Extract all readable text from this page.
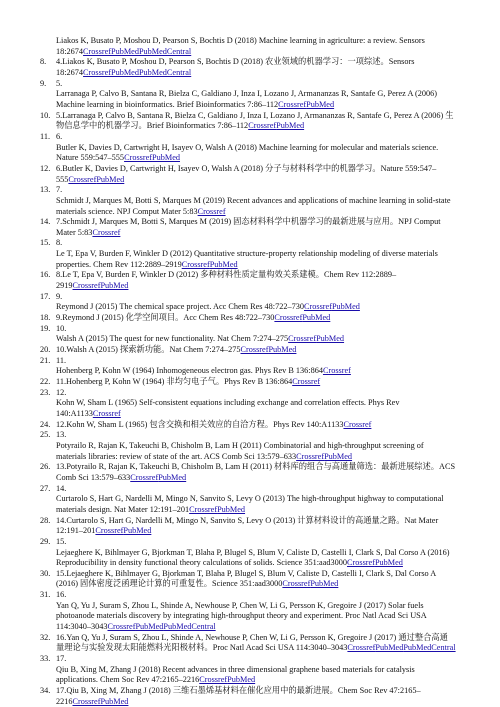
Liakos K, Busato P, Moshou D, Pearson S, Bochtis D (2018) Machine learning in agriculture: a review. Sensors
18:2674CrossrefPubMedPubMedCentral
8. 4.Liakos K, Busato P, Moshou D, Pearson S, Bochtis D (2018) 农业领域的机器学习：一项综述。Sensors
18:2674CrossrefPubMedPubMedCentral
9. 5.
Larranaga P, Calvo B, Santana R, Bielza C, Galdiano J, Inza I, Lozano J, Armananzas R, Santafe G, Perez A (2006)
Machine learning in bioinformatics. Brief Bioinformatics 7:86–112CrossrefPubMed
10. 5.Larranaga P, Calvo B, Santana R, Bielza C, Galdiano J, Inza I, Lozano J, Armananzas R, Santafe G, Perez A (2006) 生
物信息学中的机器学习。Brief Bioinformatics 7:86–112CrossrefPubMed
11. 6.
Butler K, Davies D, Cartwright H, Isayev O, Walsh A (2018) Machine learning for molecular and materials science.
Nature 559:547–555CrossrefPubMed
12. 6.Butler K, Davies D, Cartwright H, Isayev O, Walsh A (2018) 分子与材料科学中的机器学习。Nature 559:547–
555CrossrefPubMed
13. 7.
Schmidt J, Marques M, Botti S, Marques M (2019) Recent advances and applications of machine learning in solid-state
materials science. NPJ Comput Mater 5:83Crossref
14. 7.Schmidt J, Marques M, Botti S, Marques M (2019) 固态材料科学中机器学习的最新进展与应用。NPJ Comput
Mater 5:83Crossref
15. 8.
Le T, Epa V, Burden F, Winkler D (2012) Quantitative structure-property relationship modeling of diverse materials
properties. Chem Rev 112:2889–2919CrossrefPubMed
16. 8.Le T, Epa V, Burden F, Winkler D (2012) 多种材料性质定量构效关系建模。Chem Rev 112:2889–
2919CrossrefPubMed
17. 9.
Reymond J (2015) The chemical space project. Acc Chem Res 48:722–730CrossrefPubMed
18. 9.Reymond J (2015) 化学空间项目。Acc Chem Res 48:722–730CrossrefPubMed
19. 10.
Walsh A (2015) The quest for new functionality. Nat Chem 7:274–275CrossrefPubMed
20. 10.Walsh A (2015) 探索新功能。Nat Chem 7:274–275CrossrefPubMed
21. 11.
Hohenberg P, Kohn W (1964) Inhomogeneous electron gas. Phys Rev B 136:864Crossref
22. 11.Hohenberg P, Kohn W (1964) 非均匀电子气。Phys Rev B 136:864Crossref
23. 12.
Kohn W, Sham L (1965) Self-consistent equations including exchange and correlation effects. Phys Rev
140:A1133Crossref
24. 12.Kohn W, Sham L (1965) 包含交换和相关效应的自洽方程。Phys Rev 140:A1133Crossref
25. 13.
Potyrailo R, Rajan K, Takeuchi B, Chisholm B, Lam H (2011) Combinatorial and high-throughput screening of
materials libraries: review of state of the art. ACS Comb Sci 13:579–633CrossrefPubMed
26. 13.Potyrailo R, Rajan K, Takeuchi B, Chisholm B, Lam H (2011) 材料库的组合与高通量筛选：最新进展综述。ACS
Comb Sci 13:579–633CrossrefPubMed
27. 14.
Curtarolo S, Hart G, Nardelli M, Mingo N, Sanvito S, Levy O (2013) The high-throughput highway to computational
materials design. Nat Mater 12:191–201CrossrefPubMed
28. 14.Curtarolo S, Hart G, Nardelli M, Mingo N, Sanvito S, Levy O (2013) 计算材料设计的高通量之路。Nat Mater
12:191–201CrossrefPubMed
29. 15.
Lejaeghere K, Bihlmayer G, Bjorkman T, Blaha P, Blugel S, Blum V, Caliste D, Castelli I, Clark S, Dal Corso A (2016)
Reproducibility in density functional theory calculations of solids. Science 351:aad3000CrossrefPubMed
30. 15.Lejaeghere K, Bihlmayer G, Bjorkman T, Blaha P, Blugel S, Blum V, Caliste D, Castelli I, Clark S, Dal Corso A
(2016) 固体密度泛函理论计算的可重复性。Science 351:aad3000CrossrefPubMed
31. 16.
Yan Q, Yu J, Suram S, Zhou L, Shinde A, Newhouse P, Chen W, Li G, Persson K, Gregoire J (2017) Solar fuels
photoanode materials discovery by integrating high-throughput theory and experiment. Proc Natl Acad Sci USA
114:3040–3043CrossrefPubMedPubMedCentral
32. 16.Yan Q, Yu J, Suram S, Zhou L, Shinde A, Newhouse P, Chen W, Li G, Persson K, Gregoire J (2017) 通过整合高通
量理论与实验发现太阳能燃料光阳极材料。Proc Natl Acad Sci USA 114:3040–3043CrossrefPubMedPubMedCentral
33. 17.
Qiu B, Xing M, Zhang J (2018) Recent advances in three dimensional graphene based materials for catalysis
applications. Chem Soc Rev 47:2165–2216CrossrefPubMed
34. 17.Qiu B, Xing M, Zhang J (2018) 三维石墨烯基材料在催化应用中的最新进展。Chem Soc Rev 47:2165–
2216CrossrefPubMed
